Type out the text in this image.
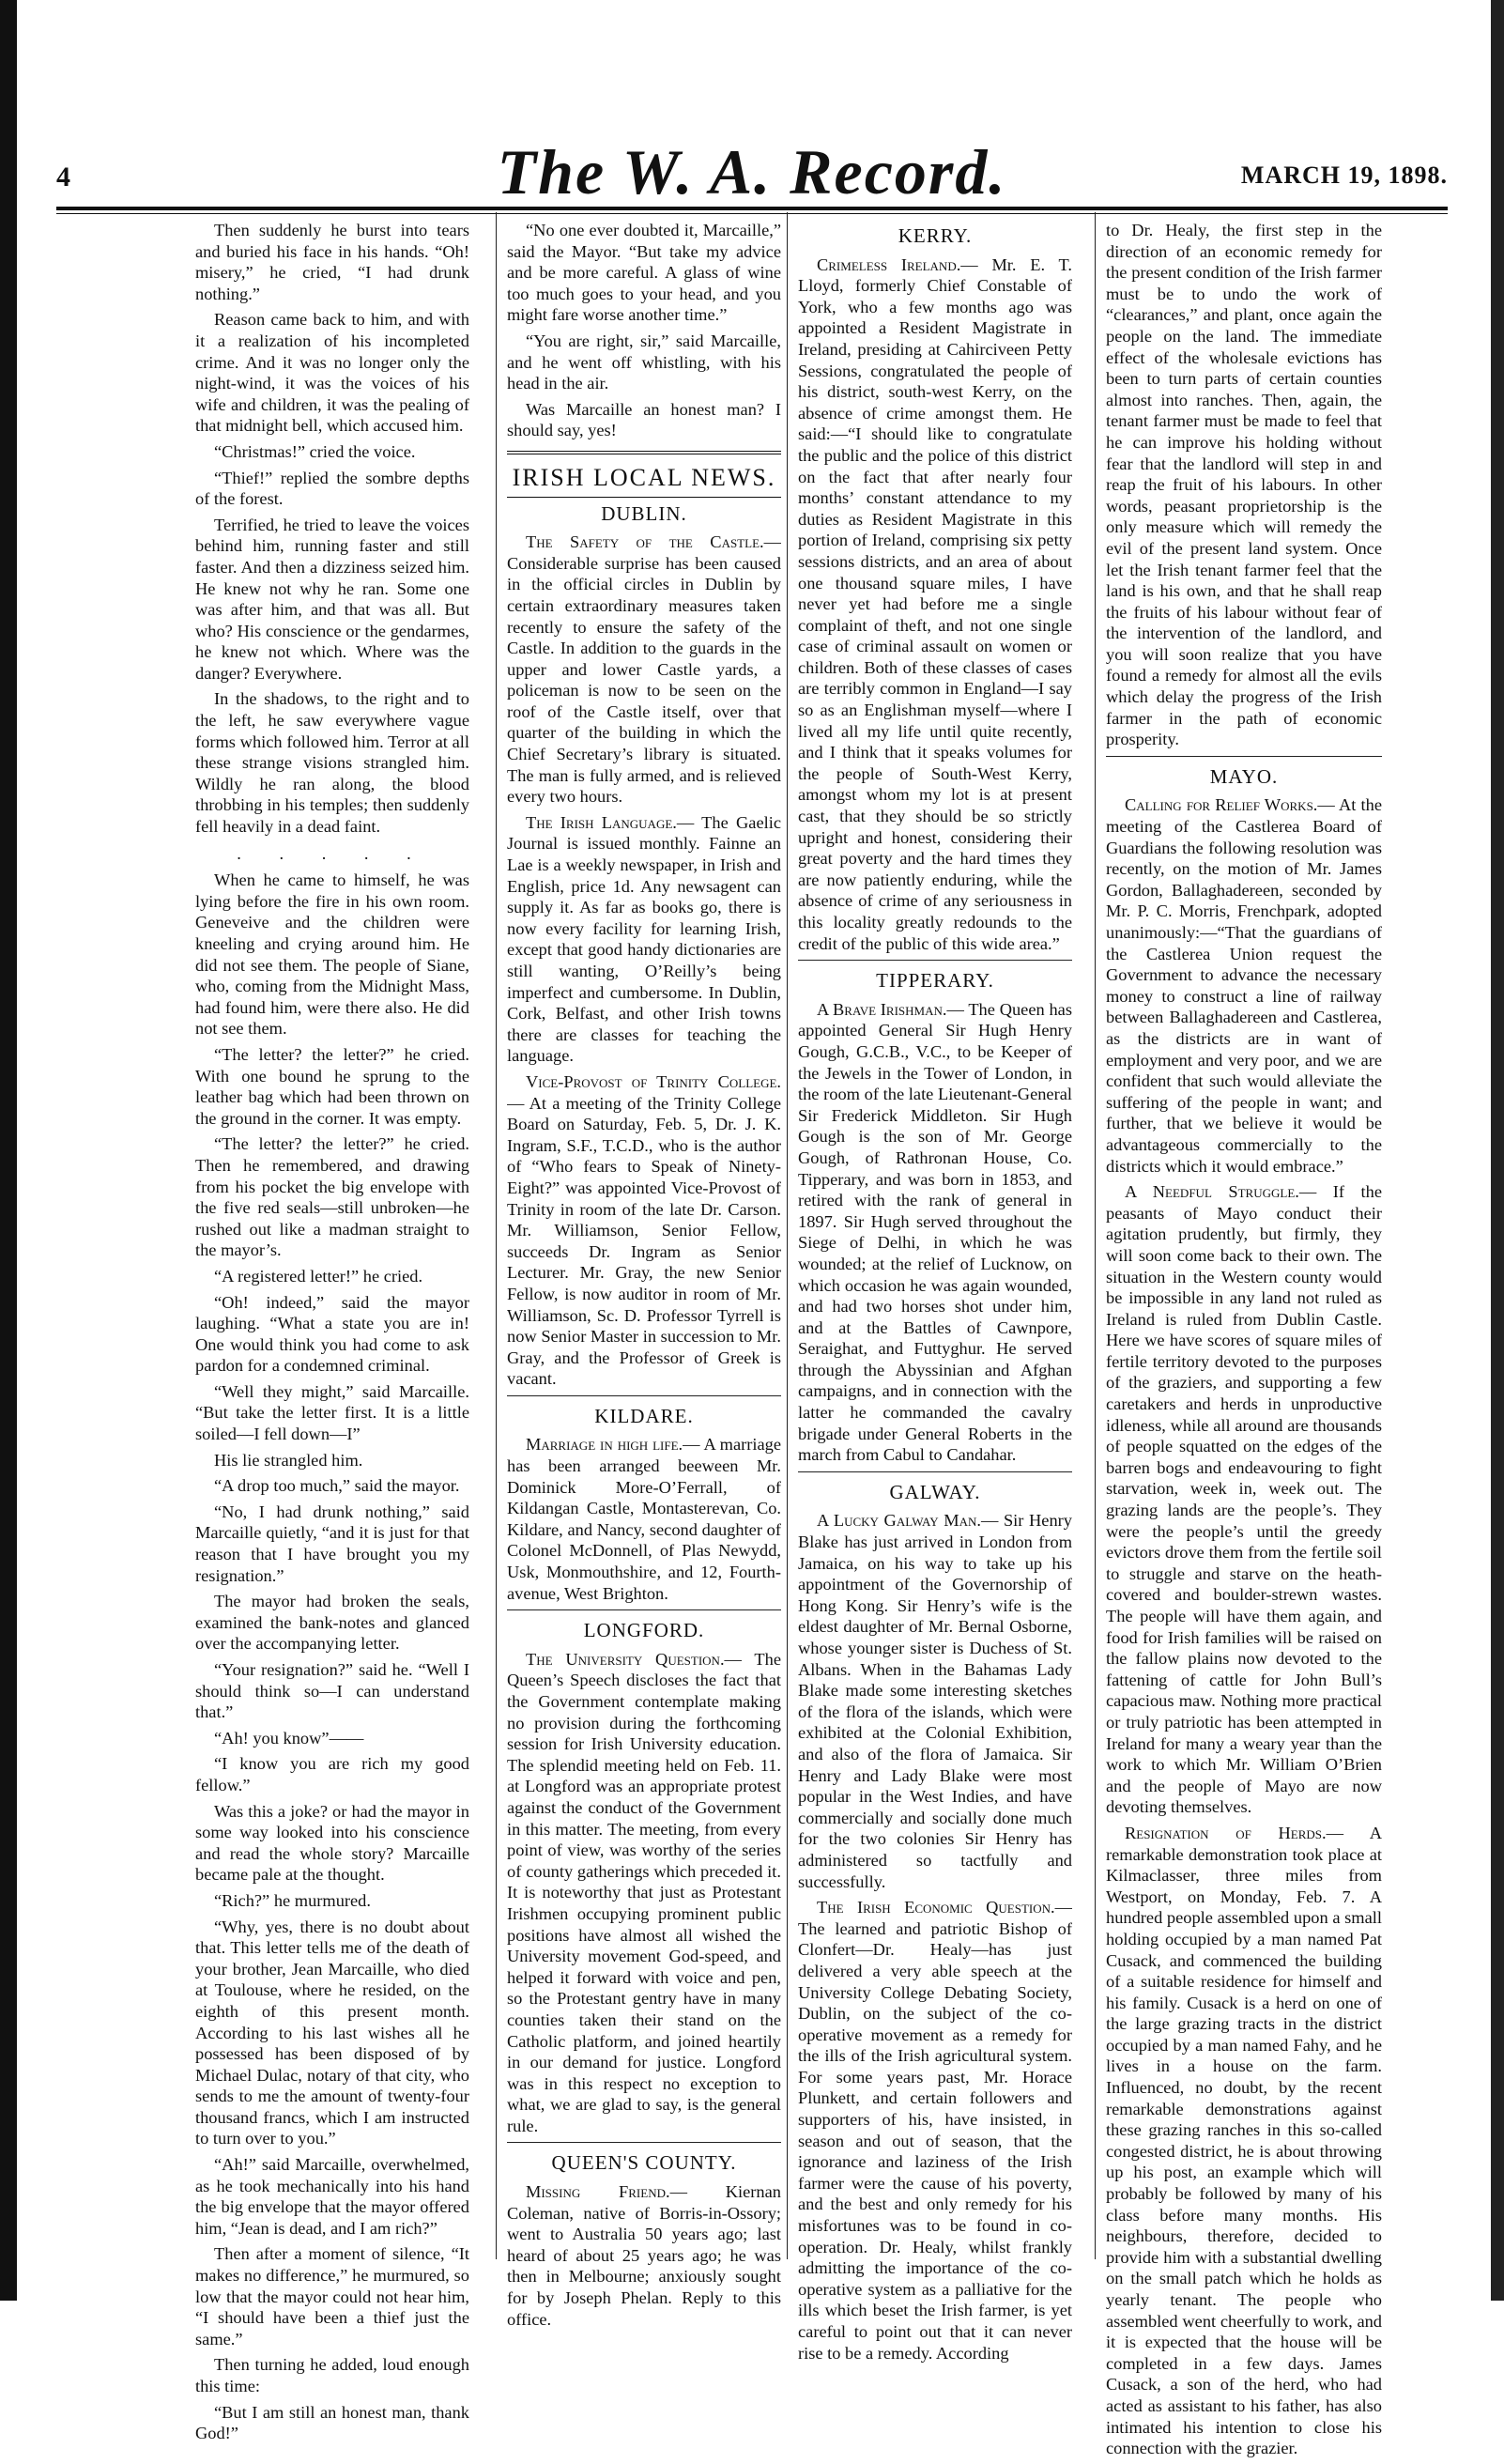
4	The W. A. Record.	MARCH 19, 1898.

Then suddenly he burst into tears and buried his face in his hands. “Oh! misery,” he cried, “I had drunk nothing.”

Reason came back to him, and with it a realization of his incompleted crime. And it was no longer only the night-wind, it was the voices of his wife and children, it was the pealing of that midnight bell, which accused him.

“Christmas!” cried the voice.

“Thief!” replied the sombre depths of the forest.

Terrified, he tried to leave the voices behind him, running faster and still faster. And then a dizziness seized him. He knew not why he ran. Some one was after him, and that was all. But who? His conscience or the gendarmes, he knew not which. Where was the danger? Everywhere.

In the shadows, to the right and to the left, he saw everywhere vague forms which followed him. Terror at all these strange visions strangled him. Wildly he ran along, the blood throbbing in his temples; then suddenly fell heavily in a dead faint.

. . . . .

When he came to himself, he was lying before the fire in his own room. Geneveive and the children were kneeling and crying around him. He did not see them. The people of Siane, who, coming from the Midnight Mass, had found him, were there also. He did not see them.

“The letter? the letter?” he cried. With one bound he sprung to the leather bag which had been thrown on the ground in the corner. It was empty.

“The letter? the letter?” he cried. Then he remembered, and drawing from his pocket the big envelope with the five red seals—still unbroken—he rushed out like a madman straight to the mayor’s.

“A registered letter!” he cried.

“Oh! indeed,” said the mayor laughing. “What a state you are in! One would think you had come to ask pardon for a condemned criminal.

“Well they might,” said Marcaille. “But take the letter first. It is a little soiled—I fell down—I”

His lie strangled him.

“A drop too much,” said the mayor.

“No, I had drunk nothing,” said Marcaille quietly, “and it is just for that reason that I have brought you my resignation.”

The mayor had broken the seals, examined the bank-notes and glanced over the accompanying letter.

“Your resignation?” said he. “Well I should think so—I can understand that.”

“Ah! you know”——

“I know you are rich my good fellow.”

Was this a joke? or had the mayor in some way looked into his conscience and read the whole story? Marcaille became pale at the thought.

“Rich?” he murmured.

“Why, yes, there is no doubt about that. This letter tells me of the death of your brother, Jean Marcaille, who died at Toulouse, where he resided, on the eighth of this present month. According to his last wishes all he possessed has been disposed of by Michael Dulac, notary of that city, who sends to me the amount of twenty-four thousand francs, which I am instructed to turn over to you.”

“Ah!” said Marcaille, overwhelmed, as he took mechanically into his hand the big envelope that the mayor offered him, “Jean is dead, and I am rich?”

Then after a moment of silence, “It makes no difference,” he murmured, so low that the mayor could not hear him, “I should have been a thief just the same.”

Then turning he added, loud enough this time:

“But I am still an honest man, thank God!”

“No one ever doubted it, Marcaille,” said the Mayor. “But take my advice and be more careful. A glass of wine too much goes to your head, and you might fare worse another time.”

“You are right, sir,” said Marcaille, and he went off whistling, with his head in the air.

Was Marcaille an honest man? I should say, yes!

IRISH LOCAL NEWS.
DUBLIN.

The Safety of the Castle.— Considerable surprise has been caused in the official circles in Dublin by certain extraordinary measures taken recently to ensure the safety of the Castle. In addition to the guards in the upper and lower Castle yards, a policeman is now to be seen on the roof of the Castle itself, over that quarter of the building in which the Chief Secretary’s library is situated. The man is fully armed, and is relieved every two hours.

The Irish Language.— The Gaelic Journal is issued monthly. Fainne an Lae is a weekly newspaper, in Irish and English, price 1d. Any newsagent can supply it. As far as books go, there is now every facility for learning Irish, except that good handy dictionaries are still wanting, O’Reilly’s being imperfect and cumbersome. In Dublin, Cork, Belfast, and other Irish towns there are classes for teaching the language.

Vice-Provost of Trinity College.— At a meeting of the Trinity College Board on Saturday, Feb. 5, Dr. J. K. Ingram, S.F., T.C.D., who is the author of “Who fears to Speak of Ninety-Eight?” was appointed Vice-Provost of Trinity in room of the late Dr. Carson. Mr. Williamson, Senior Fellow, succeeds Dr. Ingram as Senior Lecturer. Mr. Gray, the new Senior Fellow, is now auditor in room of Mr. Williamson, Sc. D. Professor Tyrrell is now Senior Master in succession to Mr. Gray, and the Professor of Greek is vacant.

KILDARE.

Marriage in high life.— A marriage has been arranged beeween Mr. Dominick More-O’Ferrall, of Kildangan Castle, Montasterevan, Co. Kildare, and Nancy, second daughter of Colonel McDonnell, of Plas Newydd, Usk, Monmouthshire, and 12, Fourth-avenue, West Brighton.

LONGFORD.

The University Question.— The Queen’s Speech discloses the fact that the Government contemplate making no provision during the forthcoming session for Irish University education. The splendid meeting held on Feb. 11. at Longford was an appropriate protest against the conduct of the Government in this matter. The meeting, from every point of view, was worthy of the series of county gatherings which preceded it. It is noteworthy that just as Protestant Irishmen occupying prominent public positions have almost all wished the University movement God-speed, and helped it forward with voice and pen, so the Protestant gentry have in many counties taken their stand on the Catholic platform, and joined heartily in our demand for justice. Longford was in this respect no exception to what, we are glad to say, is the general rule.

QUEEN'S COUNTY.

Missing Friend.— Kiernan Coleman, native of Borris-in-Ossory; went to Australia 50 years ago; last heard of about 25 years ago; he was then in Melbourne; anxiously sought for by Joseph Phelan. Reply to this office.

KERRY.

Crimeless Ireland.— Mr. E. T. Lloyd, formerly Chief Constable of York, who a few months ago was appointed a Resident Magistrate in Ireland, presiding at Cahirciveen Petty Sessions, congratulated the people of his district, south-west Kerry, on the absence of crime amongst them. He said:—“I should like to congratulate the public and the police of this district on the fact that after nearly four months’ constant attendance to my duties as Resident Magistrate in this portion of Ireland, comprising six petty sessions districts, and an area of about one thousand square miles, I have never yet had before me a single complaint of theft, and not one single case of criminal assault on women or children. Both of these classes of cases are terribly common in England—I say so as an Englishman myself—where I lived all my life until quite recently, and I think that it speaks volumes for the people of South-West Kerry, amongst whom my lot is at present cast, that they should be so strictly upright and honest, considering their great poverty and the hard times they are now patiently enduring, while the absence of crime of any seriousness in this locality greatly redounds to the credit of the public of this wide area.”

TIPPERARY.

A Brave Irishman.— The Queen has appointed General Sir Hugh Henry Gough, G.C.B., V.C., to be Keeper of the Jewels in the Tower of London, in the room of the late Lieutenant-General Sir Frederick Middleton. Sir Hugh Gough is the son of Mr. George Gough, of Rathronan House, Co. Tipperary, and was born in 1853, and retired with the rank of general in 1897. Sir Hugh served throughout the Siege of Delhi, in which he was wounded; at the relief of Lucknow, on which occasion he was again wounded, and had two horses shot under him, and at the Battles of Cawnpore, Seraighat, and Futtyghur. He served through the Abyssinian and Afghan campaigns, and in connection with the latter he commanded the cavalry brigade under General Roberts in the march from Cabul to Candahar.

GALWAY.

A Lucky Galway Man.— Sir Henry Blake has just arrived in London from Jamaica, on his way to take up his appointment of the Governorship of Hong Kong. Sir Henry’s wife is the eldest daughter of Mr. Bernal Osborne, whose younger sister is Duchess of St. Albans. When in the Bahamas Lady Blake made some interesting sketches of the flora of the islands, which were exhibited at the Colonial Exhibition, and also of the flora of Jamaica. Sir Henry and Lady Blake were most popular in the West Indies, and have commercially and socially done much for the two colonies Sir Henry has administered so tactfully and successfully.

The Irish Economic Question.— The learned and patriotic Bishop of Clonfert—Dr. Healy—has just delivered a very able speech at the University College Debating Society, Dublin, on the subject of the co-operative movement as a remedy for the ills of the Irish agricultural system. For some years past, Mr. Horace Plunkett, and certain followers and supporters of his, have insisted, in season and out of season, that the ignorance and laziness of the Irish farmer were the cause of his poverty, and the best and only remedy for his misfortunes was to be found in co-operation. Dr. Healy, whilst frankly admitting the importance of the co-operative system as a palliative for the ills which beset the Irish farmer, is yet careful to point out that it can never rise to be a remedy. According

to Dr. Healy, the first step in the direction of an economic remedy for the present condition of the Irish farmer must be to undo the work of “clearances,” and plant, once again the people on the land. The immediate effect of the wholesale evictions has been to turn parts of certain counties almost into ranches. Then, again, the tenant farmer must be made to feel that he can improve his holding without fear that the landlord will step in and reap the fruit of his labours. In other words, peasant proprietorship is the only measure which will remedy the evil of the present land system. Once let the Irish tenant farmer feel that the land is his own, and that he shall reap the fruits of his labour without fear of the intervention of the landlord, and you will soon realize that you have found a remedy for almost all the evils which delay the progress of the Irish farmer in the path of economic prosperity.

MAYO.

Calling for Relief Works.— At the meeting of the Castlerea Board of Guardians the following resolution was recently, on the motion of Mr. James Gordon, Ballaghadereen, seconded by Mr. P. C. Morris, Frenchpark, adopted unanimously:—“That the guardians of the Castlerea Union request the Government to advance the necessary money to construct a line of railway between Ballaghadereen and Castlerea, as the districts are in want of employment and very poor, and we are confident that such would alleviate the suffering of the people in want; and further, that we believe it would be advantageous commercially to the districts which it would embrace.”

A Needful Struggle.— If the peasants of Mayo conduct their agitation prudently, but firmly, they will soon come back to their own. The situation in the Western county would be impossible in any land not ruled as Ireland is ruled from Dublin Castle. Here we have scores of square miles of fertile territory devoted to the purposes of the graziers, and supporting a few caretakers and herds in unproductive idleness, while all around are thousands of people squatted on the edges of the barren bogs and endeavouring to fight starvation, week in, week out. The grazing lands are the people’s. They were the people’s until the greedy evictors drove them from the fertile soil to struggle and starve on the heath-covered and boulder-strewn wastes. The people will have them again, and food for Irish families will be raised on the fallow plains now devoted to the fattening of cattle for John Bull’s capacious maw. Nothing more practical or truly patriotic has been attempted in Ireland for many a weary year than the work to which Mr. William O’Brien and the people of Mayo are now devoting themselves.

Resignation of Herds.— A remarkable demonstration took place at Kilmaclasser, three miles from Westport, on Monday, Feb. 7. A hundred people assembled upon a small holding occupied by a man named Pat Cusack, and commenced the building of a suitable residence for himself and his family. Cusack is a herd on one of the large grazing tracts in the district occupied by a man named Fahy, and he lives in a house on the farm. Influenced, no doubt, by the recent remarkable demonstrations against these grazing ranches in this so-called congested district, he is about throwing up his post, an example which will probably be followed by many of his class before many months. His neighbours, therefore, decided to provide him with a substantial dwelling on the small patch which he holds as yearly tenant. The people who assembled went cheerfully to work, and it is expected that the house will be completed in a few days. James Cusack, a son of the herd, who had acted as assistant to his father, has also intimated his intention to close his connection with the grazier.
